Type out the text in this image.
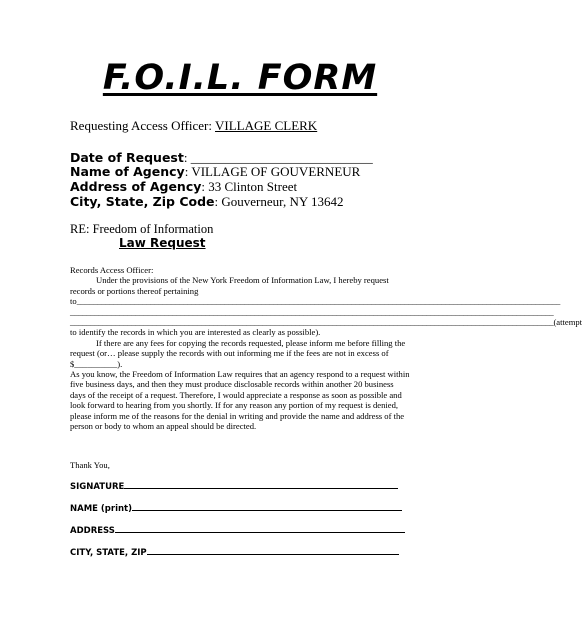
F.O.I.L. FORM
Requesting Access Officer: VILLAGE CLERK
Date of Request: ____________________________
Name of Agency: VILLAGE OF GOUVERNEUR
Address of Agency: 33 Clinton Street
City, State, Zip Code: Gouverneur, NY 13642
RE: Freedom of Information
Law Request

Records Access Officer:

Under the provisions of the New York Freedom of Information Law, I hereby request records or portions thereof pertaining

to ______________________________________________________________________________________________________________________
______________________________________________________________________________________________________________________
______________________________________________________________________________________________________________________ (attempt

to identify the records in which you are interested as clearly as possible).

If there are any fees for copying the records requested, please inform me before filling the request (or… please supply the records with out informing me if the fees are not in excess of $__________).

As you know, the Freedom of Information Law requires that an agency respond to a request within five business days, and then they must produce disclosable records within another 20 business days of the receipt of a request. Therefore, I would appreciate a response as soon as possible and look forward to hearing from you shortly. If for any reason any portion of my request is denied, please inform me of the reasons for the denial in writing and provide the name and address of the person or body to whom an appeal should be directed.

Thank You,
SIGNATURE
NAME (print)
ADDRESS
CITY, STATE, ZIP
